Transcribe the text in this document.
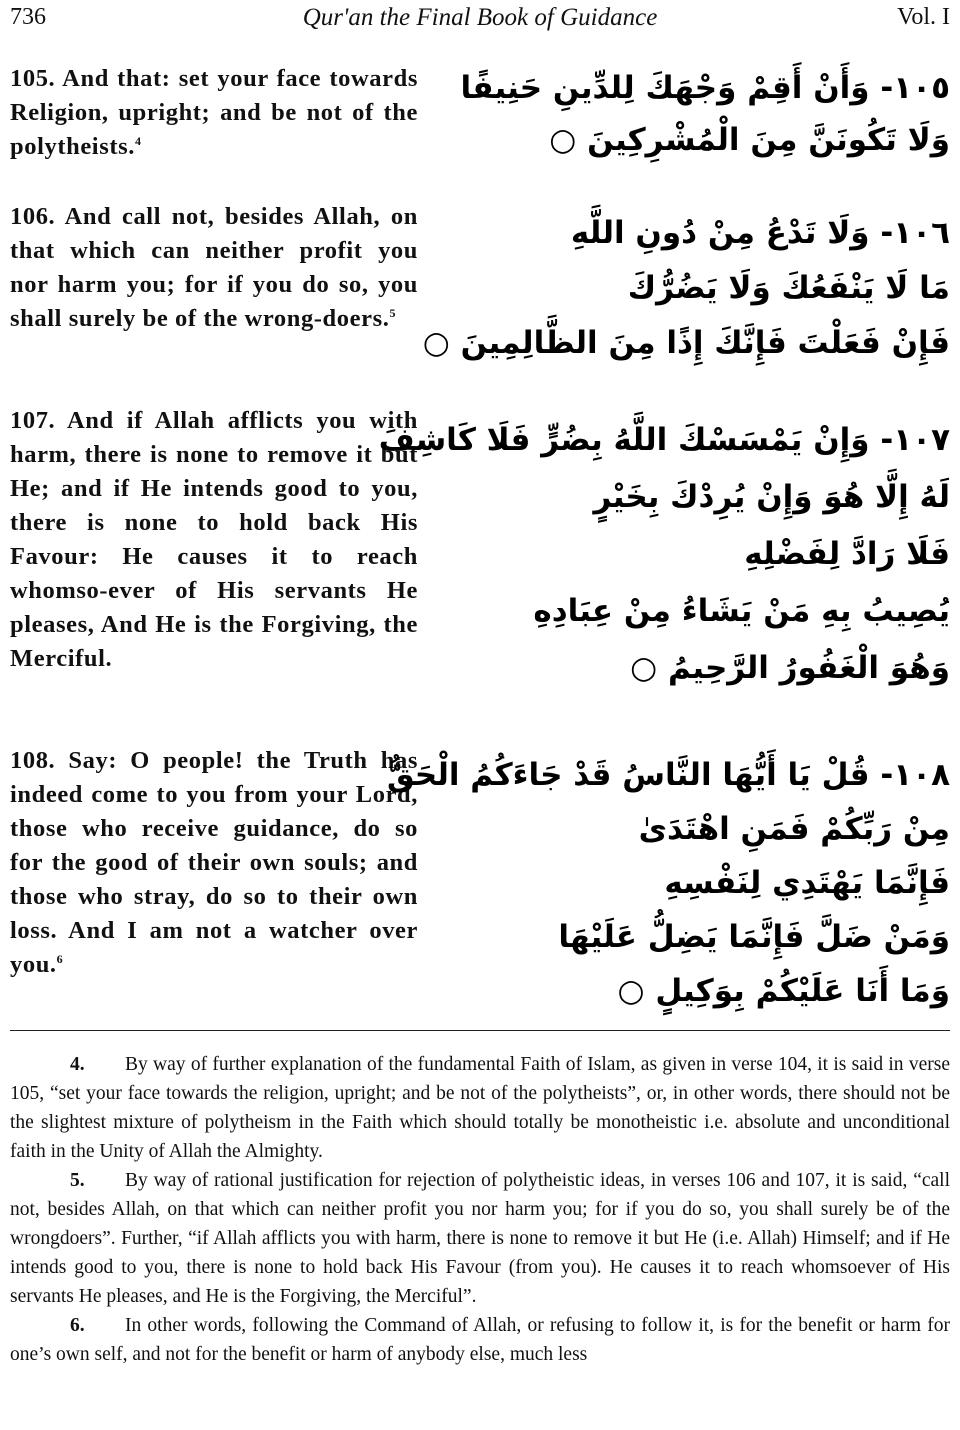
736	Qur'an the Final Book of Guidance	Vol. I

105. And that: set your face towards Religion, upright; and be not of the polytheists.$^4$

١٠٥- وَأَنْ أَقِمْ وَجْهَكَ لِلدِّينِ حَنِيفًا
وَلَا تَكُونَنَّ مِنَ الْمُشْرِكِينَ ○

106. And call not, besides Allah, on that which can neither profit you nor harm you; for if you do so, you shall surely be of the wrong-doers.$^5$

١٠٦- وَلَا تَدْعُ مِنْ دُونِ اللَّهِ
مَا لَا يَنْفَعُكَ وَلَا يَضُرُّكَ
فَإِنْ فَعَلْتَ فَإِنَّكَ إِذًا مِنَ الظَّالِمِينَ ○

107. And if Allah afflicts you with harm, there is none to remove it but He; and if He intends good to you, there is none to hold back His Favour: He causes it to reach whomso-ever of His servants He pleases, And He is the Forgiving, the Merciful.

١٠٧- وَإِنْ يَمْسَسْكَ اللَّهُ بِضُرٍّ فَلَا كَاشِفَ
لَهُ إِلَّا هُوَ وَإِنْ يُرِدْكَ بِخَيْرٍ
فَلَا رَادَّ لِفَضْلِهِ
يُصِيبُ بِهِ مَنْ يَشَاءُ مِنْ عِبَادِهِ
وَهُوَ الْغَفُورُ الرَّحِيمُ ○

108. Say: O people! the Truth has indeed come to you from your Lord, those who receive guidance, do so for the good of their own souls; and those who stray, do so to their own loss. And I am not a watcher over you.$^6$

١٠٨- قُلْ يَا أَيُّهَا النَّاسُ قَدْ جَاءَكُمُ الْحَقُّ
مِنْ رَبِّكُمْ فَمَنِ اهْتَدَىٰ
فَإِنَّمَا يَهْتَدِي لِنَفْسِهِ
وَمَنْ ضَلَّ فَإِنَّمَا يَضِلُّ عَلَيْهَا
وَمَا أَنَا عَلَيْكُمْ بِوَكِيلٍ ○

4. By way of further explanation of the fundamental Faith of Islam, as given in verse 104, it is said in verse 105, “set your face towards the religion, upright; and be not of the polytheists”, or, in other words, there should not be the slightest mixture of polytheism in the Faith which should totally be monotheistic i.e. absolute and unconditional faith in the Unity of Allah the Almighty.

5. By way of rational justification for rejection of polytheistic ideas, in verses 106 and 107, it is said, “call not, besides Allah, on that which can neither profit you nor harm you; for if you do so, you shall surely be of the wrongdoers”. Further, “if Allah afflicts you with harm, there is none to remove it but He (i.e. Allah) Himself; and if He intends good to you, there is none to hold back His Favour (from you). He causes it to reach whomsoever of His servants He pleases, and He is the Forgiving, the Merciful”.

6. In other words, following the Command of Allah, or refusing to follow it, is for the benefit or harm for one’s own self, and not for the benefit or harm of anybody else, much less
